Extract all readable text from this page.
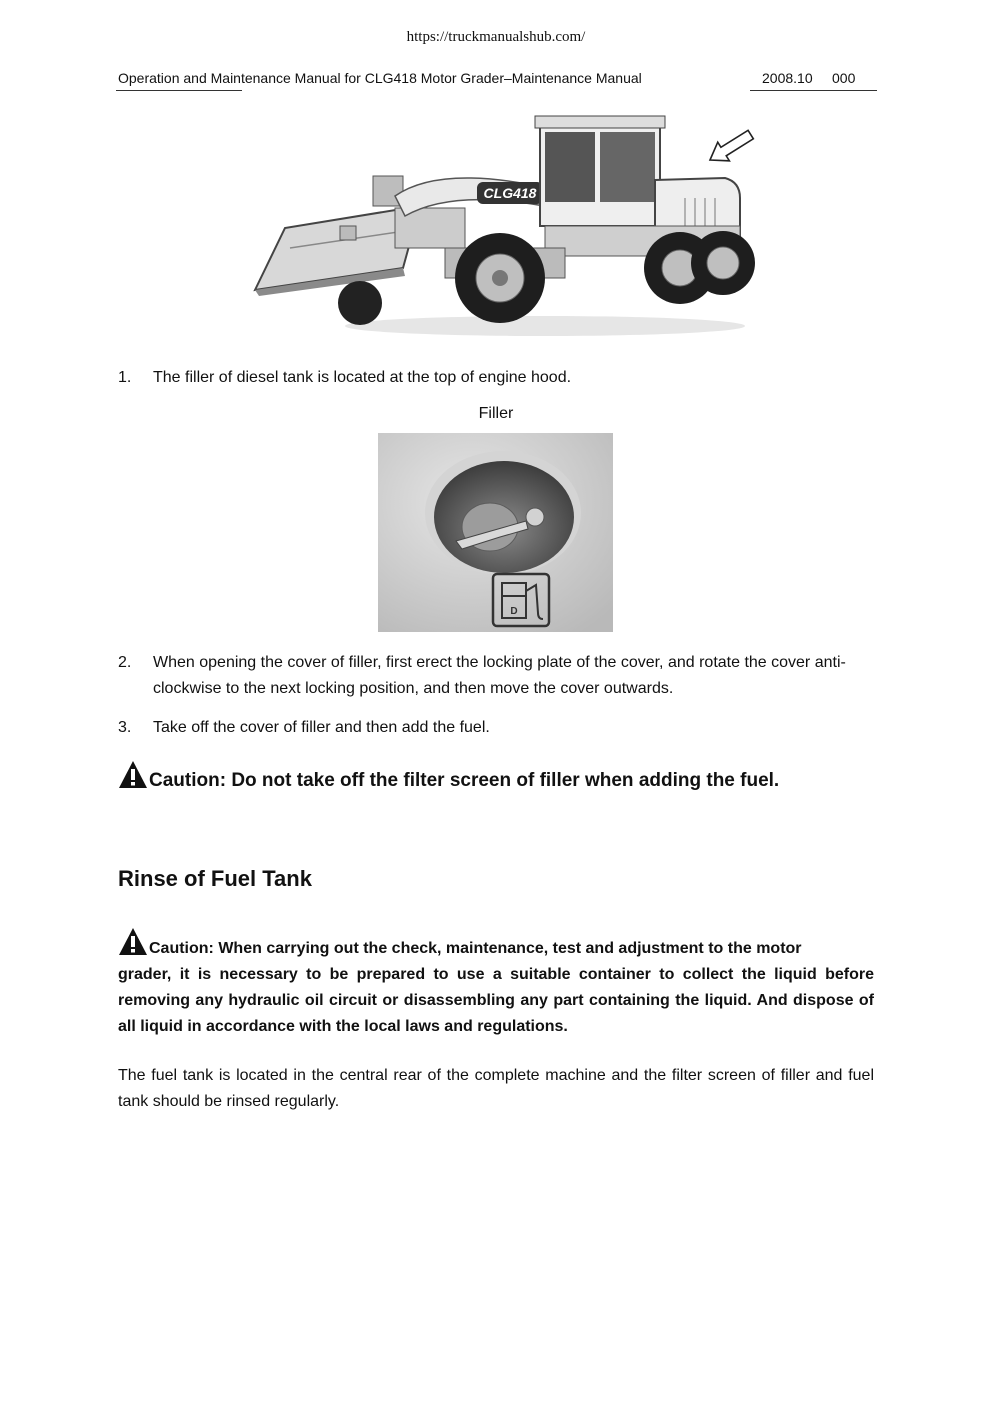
https://truckmanualshub.com/
Operation and Maintenance Manual for CLG418 Motor Grader–Maintenance Manual	2008.10 000
CLG418
1.	The filler of diesel tank is located at the top of engine hood.
Filler
D
2.	When opening the cover of filler, first erect the locking plate of the cover, and rotate the cover anti-clockwise to the next locking position, and then move the cover outwards.
3.	Take off the cover of filler and then add the fuel.
Caution: Do not take off the filter screen of filler when adding the fuel.
Rinse of Fuel Tank
Caution: When carrying out the check, maintenance, test and adjustment to the motor
grader, it is necessary to be prepared to use a suitable container to collect the liquid before removing any hydraulic oil circuit or disassembling any part containing the liquid. And dispose of all liquid in accordance with the local laws and regulations.
The fuel tank is located in the central rear of the complete machine and the filter screen of filler and fuel tank should be rinsed regularly.
